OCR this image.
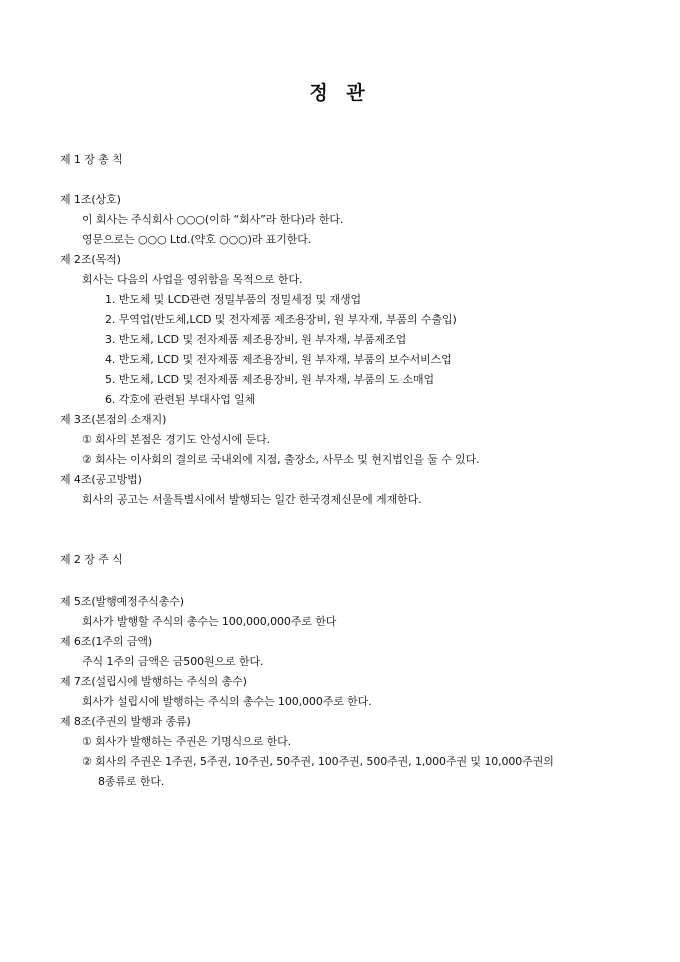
정 관
제 1 장 총 칙
제 1조(상호)
이 회사는 주식회사 ○○○(이하 “회사”라 한다)라 한다.
영문으로는 ○○○ Ltd.(약호 ○○○)라 표기한다.
제 2조(목적)
회사는 다음의 사업을 영위함을 목적으로 한다.
1. 반도체 및 LCD관련 정밀부품의 정밀세정 및 재생업
2. 무역업(반도체,LCD 및 전자제품 제조용장비, 원 부자재, 부품의 수출입)
3. 반도체, LCD 및 전자제품 제조용장비, 원 부자재, 부품제조업
4. 반도체, LCD 및 전자제품 제조용장비, 원 부자재, 부품의 보수서비스업
5. 반도체, LCD 및 전자제품 제조용장비, 원 부자재, 부품의 도 소매업
6. 각호에 관련된 부대사업 일체
제 3조(본점의 소재지)
① 회사의 본점은 경기도 안성시에 둔다.
② 회사는 이사회의 결의로 국내외에 지점, 출장소, 사무소 및 현지법인을 둘 수 있다.
제 4조(공고방법)
회사의 공고는 서울특별시에서 발행되는 일간 한국경제신문에 게재한다.
제 2 장 주 식
제 5조(발행예정주식총수)
회사가 발행할 주식의 총수는 100,000,000주로 한다
제 6조(1주의 금액)
주식 1주의 금액은 금500원으로 한다.
제 7조(설립시에 발행하는 주식의 총수)
회사가 설립시에 발행하는 주식의 총수는 100,000주로 한다.
제 8조(주권의 발행과 종류)
① 회사가 발행하는 주권은 기명식으로 한다.
② 회사의 주권은 1주권, 5주권, 10주권, 50주권, 100주권, 500주권, 1,000주권 및 10,000주권의
8종류로 한다.
